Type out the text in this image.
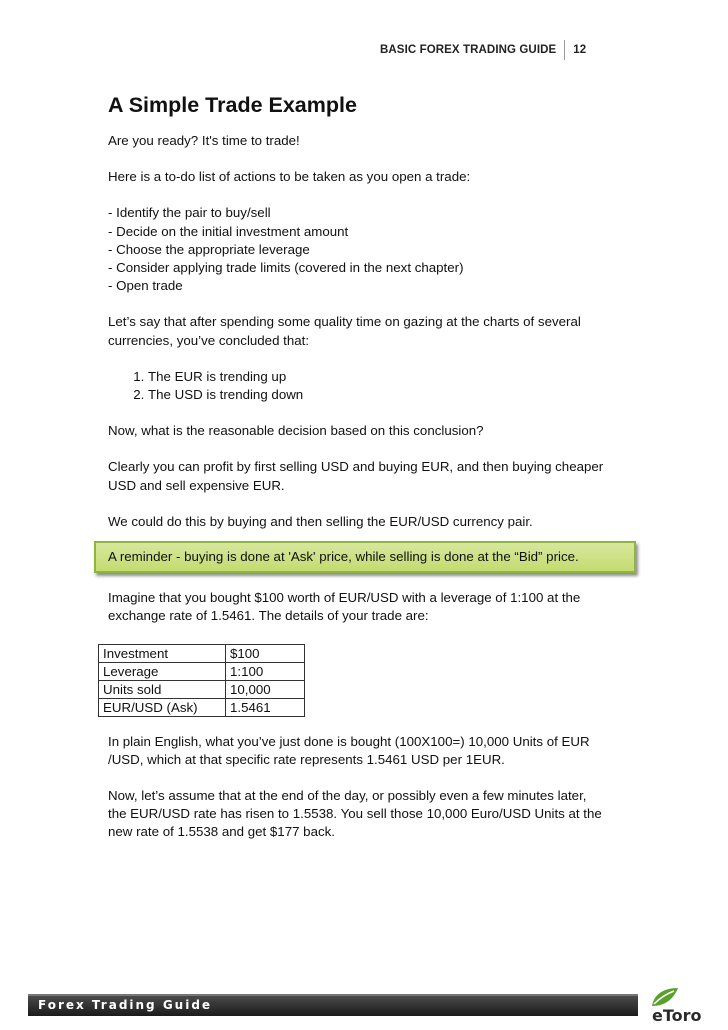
BASIC FOREX TRADING GUIDE 12
A Simple Trade Example

Are you ready? It's time to trade!

Here is a to-do list of actions to be taken as you open a trade:

- Identify the pair to buy/sell
- Decide on the initial investment amount
- Choose the appropriate leverage
- Consider applying trade limits (covered in the next chapter)
- Open trade

Let’s say that after spending some quality time on gazing at the charts of several currencies, you’ve concluded that:

1. The EUR is trending up
2. The USD is trending down

Now, what is the reasonable decision based on this conclusion?

Clearly you can profit by first selling USD and buying EUR, and then buying cheaper USD and sell expensive EUR.

We could do this by buying and then selling the EUR/USD currency pair.

A reminder - buying is done at 'Ask' price, while selling is done at the “Bid” price.

Imagine that you bought $100 worth of EUR/USD with a leverage of 1:100 at the exchange rate of 1.5461. The details of your trade are:

Investment	$100
Leverage	1:100
Units sold	10,000
EUR/USD (Ask)	1.5461

In plain English, what you’ve just done is bought (100X100=) 10,000 Units of EUR /USD, which at that specific rate represents 1.5461 USD per 1EUR.

Now, let’s assume that at the end of the day, or possibly even a few minutes later, the EUR/USD rate has risen to 1.5538. You sell those 10,000 Euro/USD Units at the new rate of 1.5538 and get $177 back.

Forex Trading Guide
eToro
